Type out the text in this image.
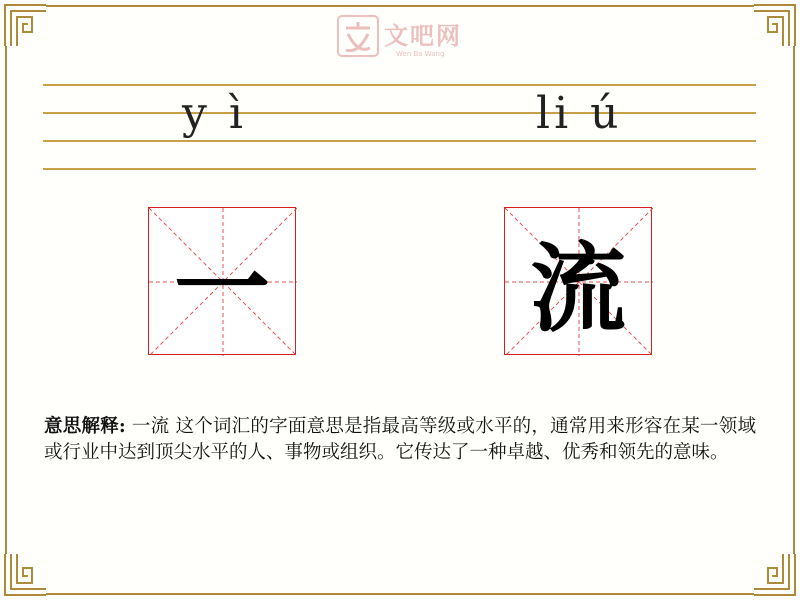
文吧网
Wen Ba Wang
y ì	li ú
一	流
意思解释: 一流 这个词汇的字面意思是指最高等级或水平的，通常用来形容在某一领域或行业中达到顶尖水平的人、事物或组织。它传达了一种卓越、优秀和领先的意味。
